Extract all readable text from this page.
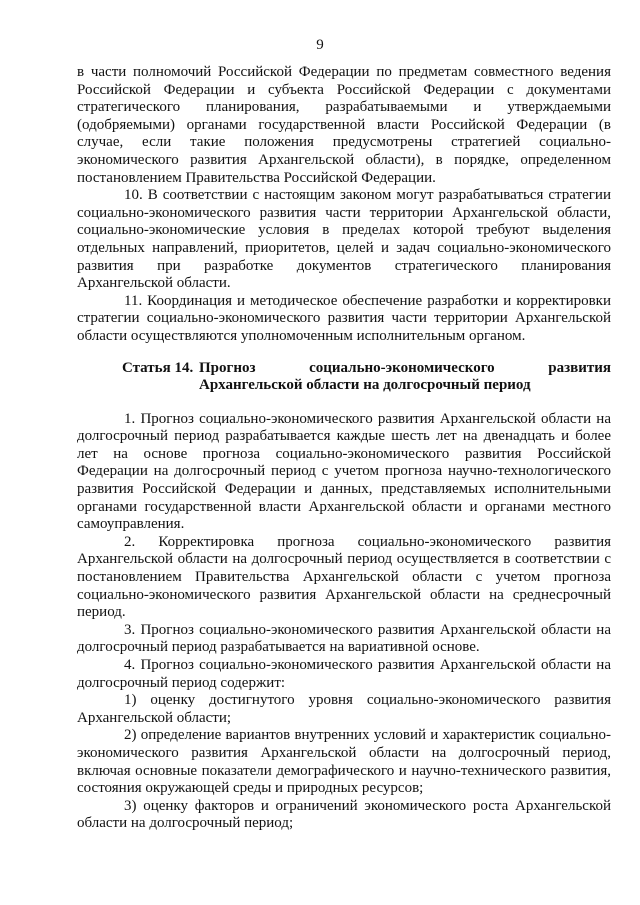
9

в части полномочий Российской Федерации по предметам совместного ведения Российской Федерации и субъекта Российской Федерации с документами стратегического планирования, разрабатываемыми и утверждаемыми (одобряемыми) органами государственной власти Российской Федерации (в случае, если такие положения предусмотрены стратегией социально-экономического развития Архангельской области), в порядке, определенном постановлением Правительства Российской Федерации.

10. В соответствии с настоящим законом могут разрабатываться стратегии социально-экономического развития части территории Архангельской области, социально-экономические условия в пределах которой требуют выделения отдельных направлений, приоритетов, целей и задач социально-экономического развития при разработке документов стратегического планирования Архангельской области.

11. Координация и методическое обеспечение разработки и корректировки стратегии социально-экономического развития части территории Архангельской области осуществляются уполномоченным исполнительным органом.

Статья 14. Прогноз социально-экономического развития Архангельской области на долгосрочный период

1. Прогноз социально-экономического развития Архангельской области на долгосрочный период разрабатывается каждые шесть лет на двенадцать и более лет на основе прогноза социально-экономического развития Российской Федерации на долгосрочный период с учетом прогноза научно-технологического развития Российской Федерации и данных, представляемых исполнительными органами государственной власти Архангельской области и органами местного самоуправления.

2. Корректировка прогноза социально-экономического развития Архангельской области на долгосрочный период осуществляется в соответствии с постановлением Правительства Архангельской области с учетом прогноза социально-экономического развития Архангельской области на среднесрочный период.

3. Прогноз социально-экономического развития Архангельской области на долгосрочный период разрабатывается на вариативной основе.

4. Прогноз социально-экономического развития Архангельской области на долгосрочный период содержит:

1) оценку достигнутого уровня социально-экономического развития Архангельской области;

2) определение вариантов внутренних условий и характеристик социально-экономического развития Архангельской области на долгосрочный период, включая основные показатели демографического и научно-технического развития, состояния окружающей среды и природных ресурсов;

3) оценку факторов и ограничений экономического роста Архангельской области на долгосрочный период;
